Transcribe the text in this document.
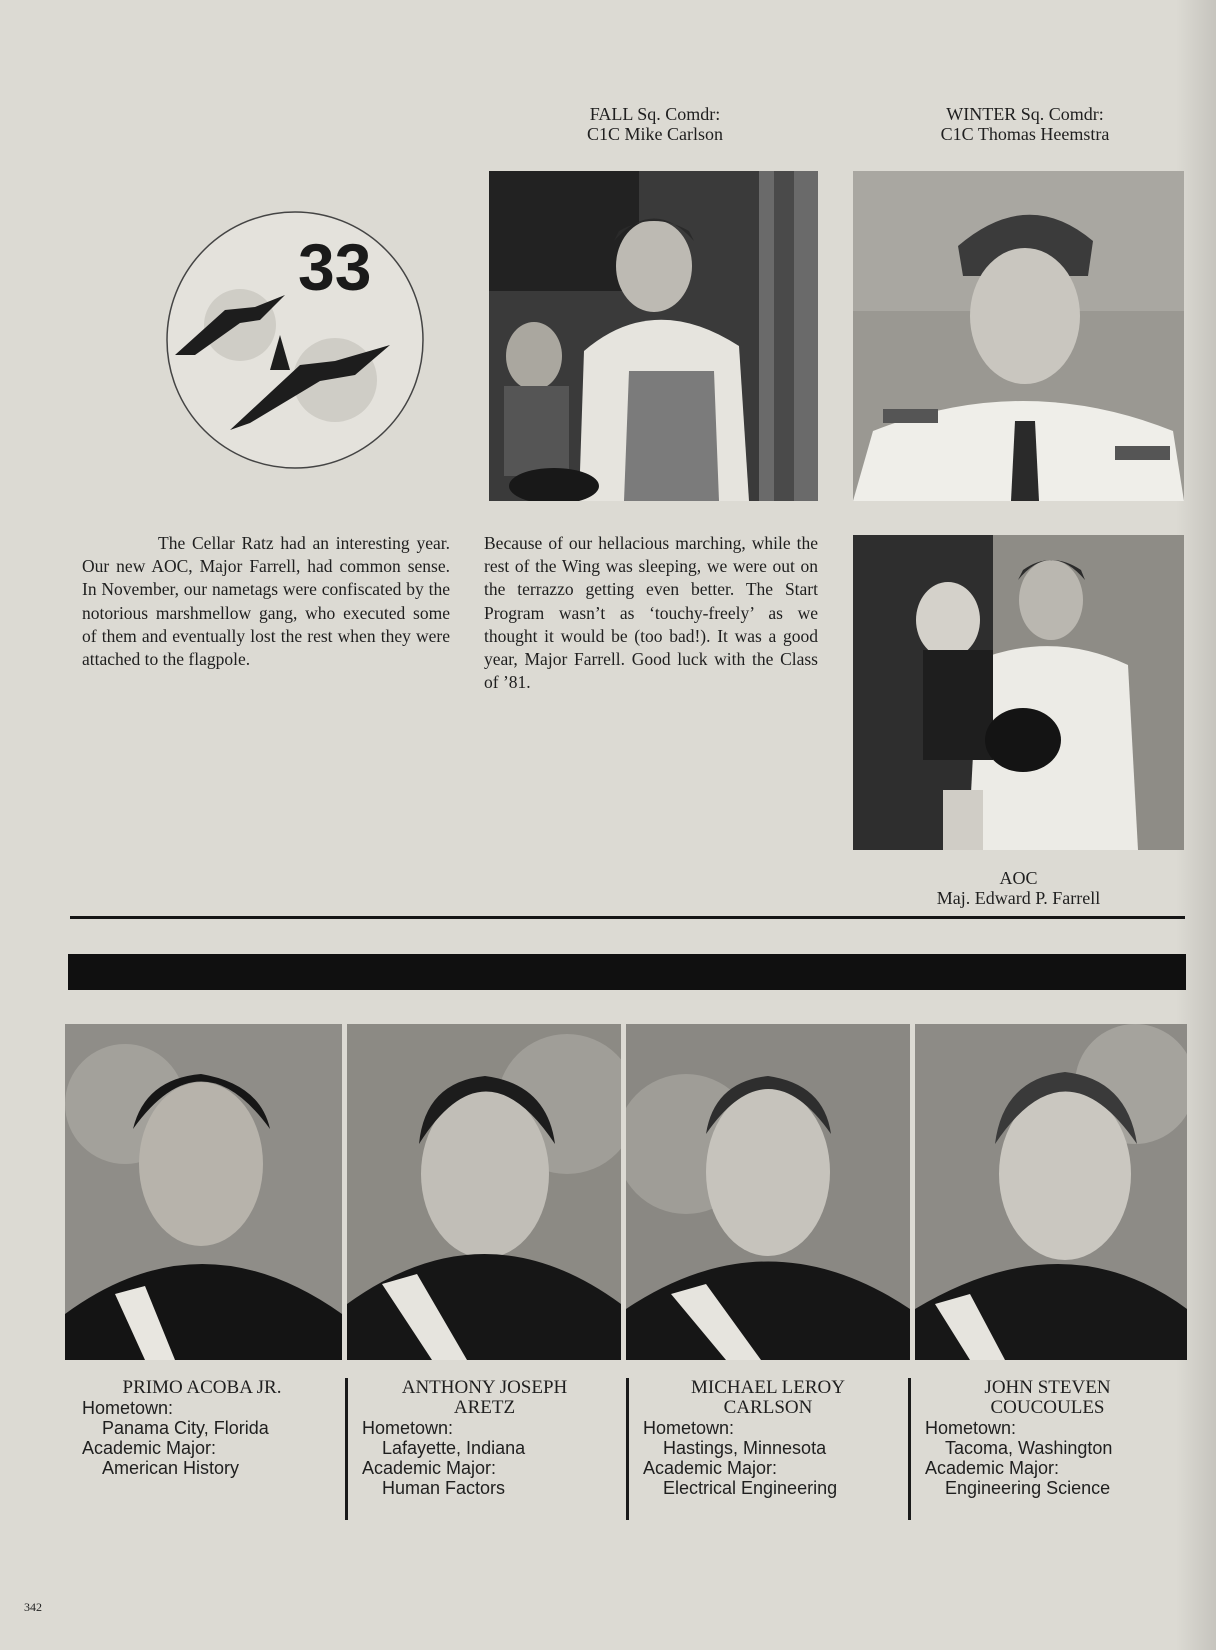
33
FALL Sq. Comdr:
C1C Mike Carlson
WINTER Sq. Comdr:
C1C Thomas Heemstra
The Cellar Ratz had an interesting year. Our new AOC, Major Farrell, had common sense. In November, our nametags were confiscated by the notorious marshmellow gang, who executed some of them and eventually lost the rest when they were attached to the flagpole.
Because of our hellacious marching, while the rest of the Wing was sleeping, we were out on the terrazzo getting even better. The Start Program wasn’t as ‘touchy-freely’ as we thought it would be (too bad!). It was a good year, Major Farrell. Good luck with the Class of ’81.
AOC
Maj. Edward P. Farrell
PRIMO ACOBA JR.
Hometown:
Panama City, Florida
Academic Major:
American History
ANTHONY JOSEPH ARETZ
Hometown:
Lafayette, Indiana
Academic Major:
Human Factors
MICHAEL LEROY CARLSON
Hometown:
Hastings, Minnesota
Academic Major:
Electrical Engineering
JOHN STEVEN COUCOULES
Hometown:
Tacoma, Washington
Academic Major:
Engineering Science
342
